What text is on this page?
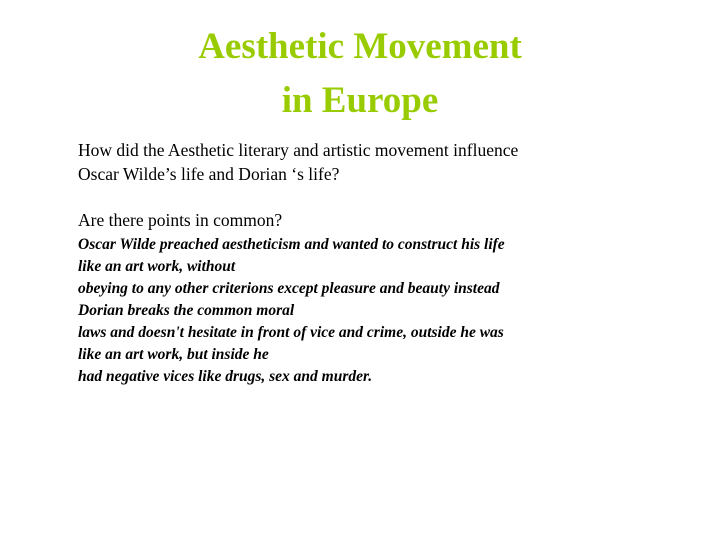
Aesthetic Movement
in Europe

How did the Aesthetic literary and artistic movement influence
Oscar Wilde’s life and Dorian ‘s life?

Are there points in common?

Oscar Wilde preached aestheticism and wanted to construct his life
like an art work, without
obeying to any other criterions except pleasure and beauty instead
Dorian breaks the common moral
laws and doesn't hesitate in front of vice and crime, outside he was
like an art work, but inside he
had negative vices like drugs, sex and murder.
